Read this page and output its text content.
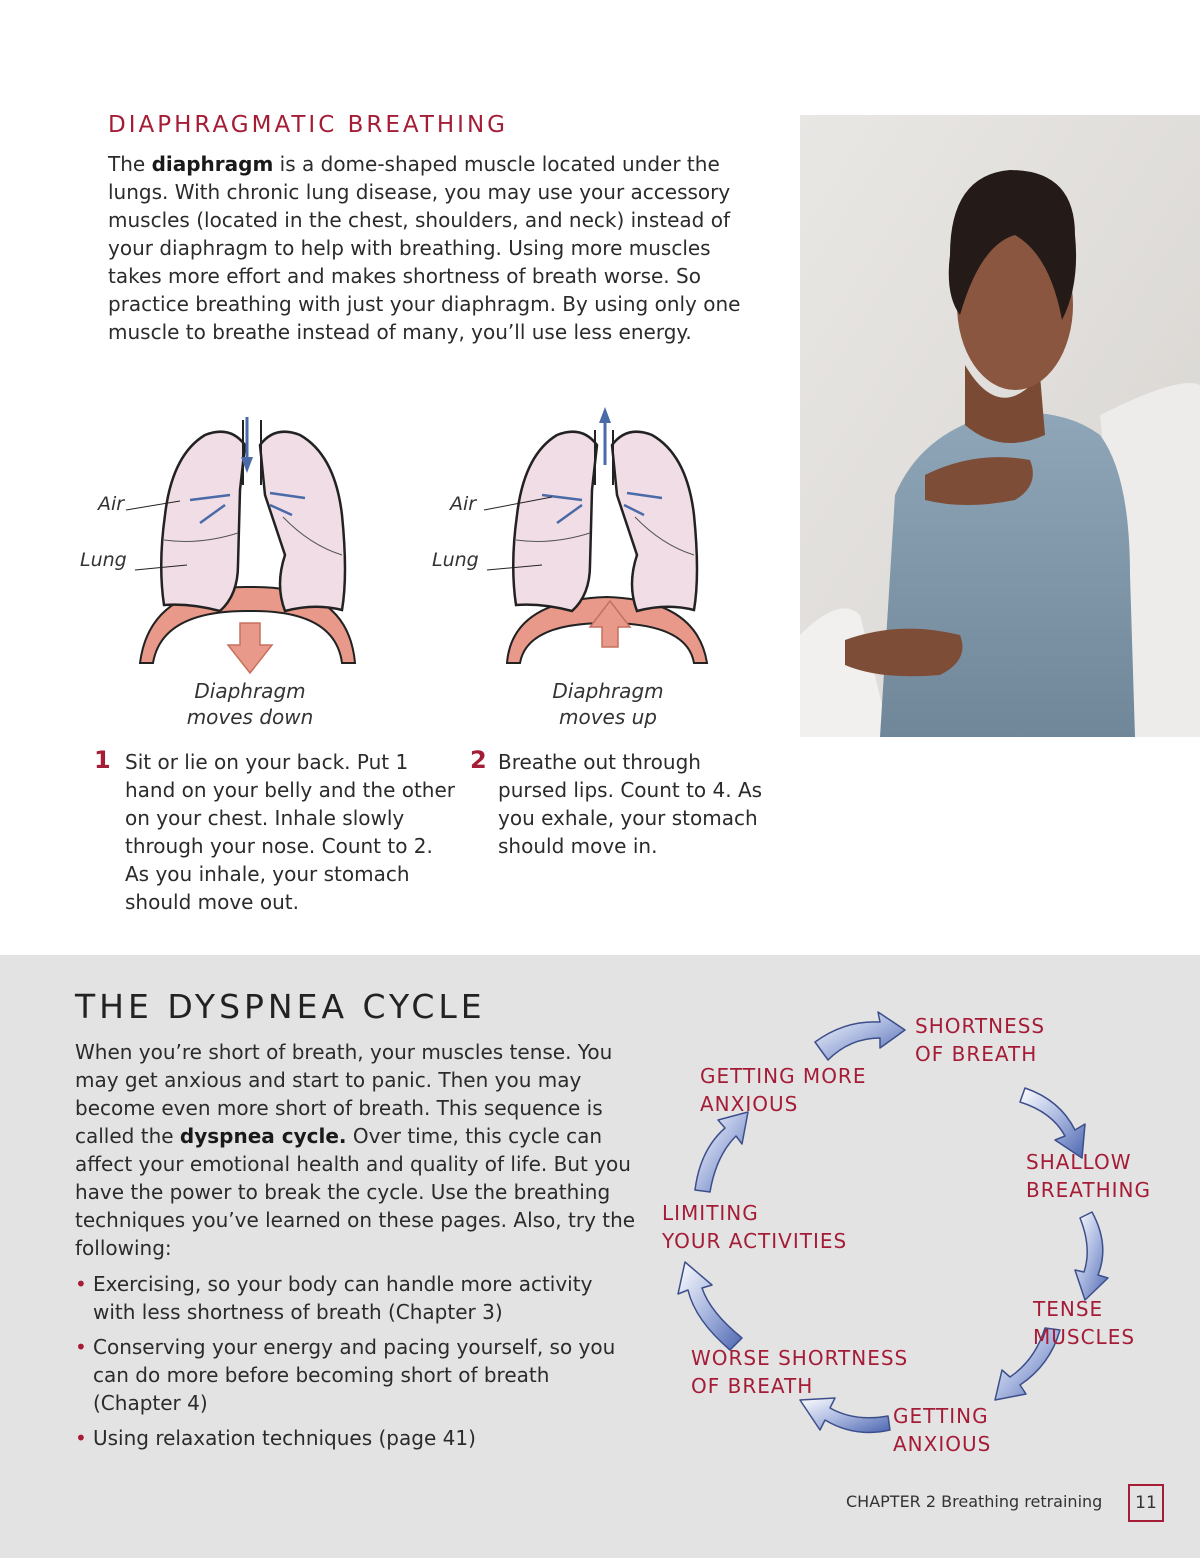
DIAPHRAGMATIC BREATHING

The diaphragm is a dome-shaped muscle located under the lungs. With chronic lung disease, you may use your accessory muscles (located in the chest, shoulders, and neck) instead of your diaphragm to help with breathing. Using more muscles takes more effort and makes shortness of breath worse. So practice breathing with just your diaphragm. By using only one muscle to breathe instead of many, you’ll use less energy.

Air
Lung
Diaphragm
moves down
Air
Lung
Diaphragm
moves up
1 Sit or lie on your back. Put 1 hand on your belly and the other on your chest. Inhale slowly through your nose. Count to 2. As you inhale, your stomach should move out.
2 Breathe out through pursed lips. Count to 4. As you exhale, your stomach should move in.
THE DYSPNEA CYCLE

When you’re short of breath, your muscles tense. You may get anxious and start to panic. Then you may become even more short of breath. This sequence is called the dyspnea cycle. Over time, this cycle can affect your emotional health and quality of life. But you have the power to break the cycle. Use the breathing techniques you’ve learned on these pages. Also, try the following:

• Exercising, so your body can handle more activity with less shortness of breath (Chapter 3)
• Conserving your energy and pacing yourself, so you can do more before becoming short of breath (Chapter 4)
• Using relaxation techniques (page 41)
SHORTNESS
OF BREATH
SHALLOW
BREATHING
TENSE
MUSCLES
GETTING
ANXIOUS
WORSE SHORTNESS
OF BREATH
LIMITING
YOUR ACTIVITIES
GETTING MORE
ANXIOUS
CHAPTER 2 Breathing retraining	11
